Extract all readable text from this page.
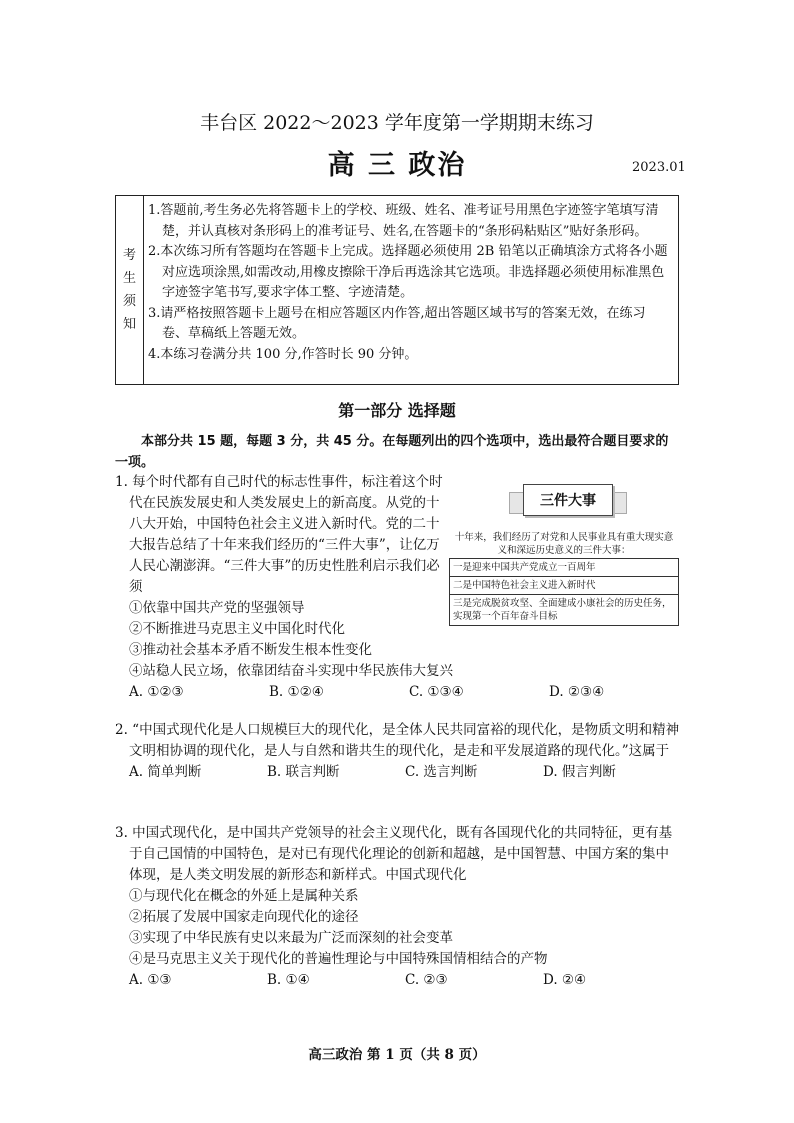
丰台区 2022～2023 学年度第一学期期末练习
高 三 政治	2023.01
考
生
须
知

1.答题前,考生务必先将答题卡上的学校、班级、姓名、准考证号用黑色字迹签字笔填写清楚，并认真核对条形码上的准考证号、姓名,在答题卡的“条形码粘贴区”贴好条形码。

2.本次练习所有答题均在答题卡上完成。选择题必须使用 2B 铅笔以正确填涂方式将各小题对应选项涂黑,如需改动,用橡皮擦除干净后再选涂其它选项。非选择题必须使用标准黑色字迹签字笔书写,要求字体工整、字迹清楚。

3.请严格按照答题卡上题号在相应答题区内作答,超出答题区域书写的答案无效，在练习卷、草稿纸上答题无效。

4.本练习卷满分共 100 分,作答时长 90 分钟。

第一部分 选择题
本部分共 15 题，每题 3 分，共 45 分。在每题列出的四个选项中，选出最符合题目要求的一项。

1. 每个时代都有自己时代的标志性事件，标注着这个时代在民族发展史和人类发展史上的新高度。从党的十八大开始，中国特色社会主义进入新时代。党的二十大报告总结了十年来我们经历的“三件大事”，让亿万人民心潮澎湃。“三件大事”的历史性胜利启示我们必须

①依靠中国共产党的坚强领导

②不断推进马克思主义中国化时代化

③推动社会基本矛盾不断发生根本性变化

④站稳人民立场，依靠团结奋斗实现中华民族伟大复兴

A. ①②③	B. ①②④	C. ①③④	D. ②③④
三件大事
十年来，我们经历了对党和人民事业具有重大现实意义和深远历史意义的三件大事：
一是迎来中国共产党成立一百周年
二是中国特色社会主义进入新时代
三是完成脱贫攻坚、全面建成小康社会的历史任务，实现第一个百年奋斗目标

2. “中国式现代化是人口规模巨大的现代化，是全体人民共同富裕的现代化，是物质文明和精神文明相协调的现代化，是人与自然和谐共生的现代化，是走和平发展道路的现代化。”这属于

A. 简单判断	B. 联言判断	C. 选言判断	D. 假言判断

3. 中国式现代化，是中国共产党领导的社会主义现代化，既有各国现代化的共同特征，更有基于自己国情的中国特色，是对已有现代化理论的创新和超越，是中国智慧、中国方案的集中体现，是人类文明发展的新形态和新样式。中国式现代化

①与现代化在概念的外延上是属种关系

②拓展了发展中国家走向现代化的途径

③实现了中华民族有史以来最为广泛而深刻的社会变革

④是马克思主义关于现代化的普遍性理论与中国特殊国情相结合的产物

A. ①③	B. ①④	C. ②③	D. ②④
高三政治 第 1 页（共 8 页）
